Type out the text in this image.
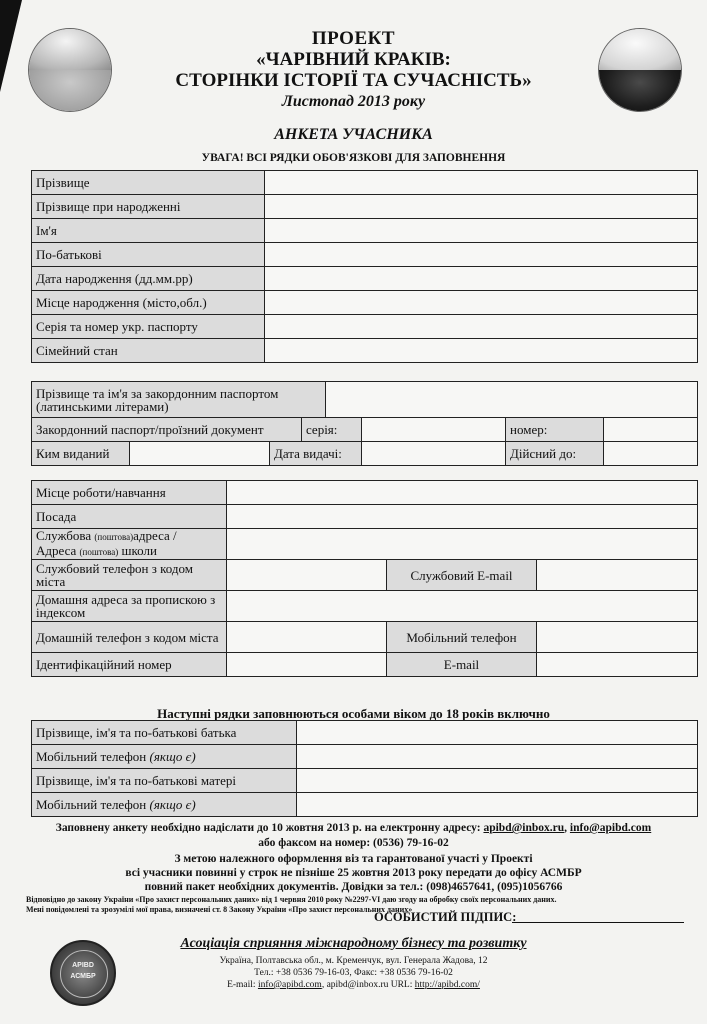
ПРОЕКТ
«ЧАРІВНИЙ КРАКІВ:
СТОРІНКИ ІСТОРІЇ ТА СУЧАСНІСТЬ»
Листопад 2013 року
АНКЕТА УЧАСНИКА
УВАГА! ВСІ РЯДКИ ОБОВ'ЯЗКОВІ ДЛЯ ЗАПОВНЕННЯ
Прізвище	
Прізвище при народженні	
Ім'я	
По-батькові	
Дата народження (дд.мм.рр)	
Місце народження (місто,обл.)	
Серія та номер укр. паспорту	
Сімейний стан	
Прізвище та ім'я за закордонним паспортом (латинськими літерами)							
Закордонний паспорт/проїзний документ			серія:			номер:	
Ким виданий		Дата видачі:				Дійсний до:	
Місце роботи/навчання			
Посада			
Службова (поштова)адреса /
Адреса (поштова) школи			
Службовий телефон з кодом міста		Службовий E-mail	
Домашня адреса за пропискою з індексом			
Домашній телефон з кодом міста		Мобільний телефон	
Ідентифікаційний номер		E-mail	
Наступні рядки заповнюються особами віком до 18 років включно
Прізвище, ім'я та по-батькові батька	
Мобільний телефон (якщо є)	
Прізвище, ім'я та по-батькові матері	
Мобільний телефон (якщо є)	
Заповнену анкету необхідно надіслати до 10 жовтня 2013 р. на електронну адресу: apibd@inbox.ru, info@apibd.com
або факсом на номер: (0536) 79-16-02
З метою належного оформлення віз та гарантованої участі у Проекті
всі учасники повинні у строк не пізніше 25 жовтня 2013 року передати до офісу АСМБР
повний пакет необхідних документів. Довідки за тел.: (098)4657641, (095)1056766
Відповідно до закону України «Про захист персональних даних» від 1 червня 2010 року №2297-VI даю згоду на обробку своїх персональних даних.
Мені повідомлені та зрозумілі мої права, визначені ст. 8 Закону України «Про захист персональних даних»
ОСОБИСТИЙ ПІДПИС:
APIBD
АСМБР
Асоціація сприяння міжнародному бізнесу та розвитку
Україна, Полтавська обл., м. Кременчук, вул. Генерала Жадова, 12
Тел.: +38 0536 79-16-03, Факс: +38 0536 79-16-02
E-mail: info@apibd.com, apibd@inbox.ru URL: http://apibd.com/
